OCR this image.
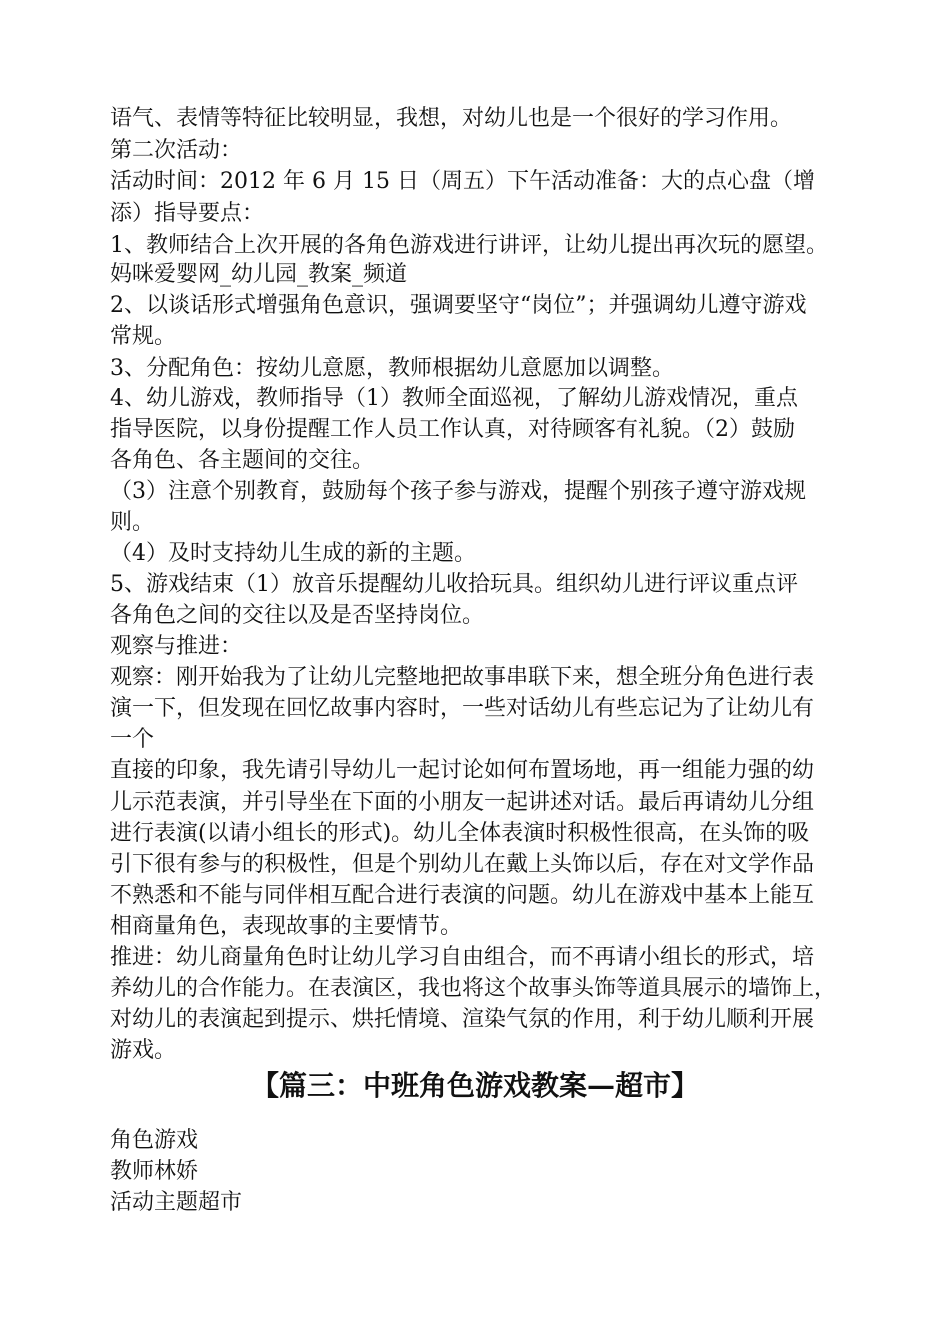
语气、表情等特征比较明显，我想，对幼儿也是一个很好的学习作用。

第二次活动：

活动时间：2012 年 6 月 15 日（周五）下午活动准备：大的点心盘（增

添）指导要点：

1、教师结合上次开展的各角色游戏进行讲评，让幼儿提出再次玩的愿望。

妈咪爱婴网_幼儿园_教案_频道

2、以谈话形式增强角色意识，强调要坚守“岗位”；并强调幼儿遵守游戏

常规。

3、分配角色：按幼儿意愿，教师根据幼儿意愿加以调整。

4、幼儿游戏，教师指导（1）教师全面巡视，了解幼儿游戏情况，重点

指导医院，以身份提醒工作人员工作认真，对待顾客有礼貌。（2）鼓励

各角色、各主题间的交往。

（3）注意个别教育，鼓励每个孩子参与游戏，提醒个别孩子遵守游戏规

则。

（4）及时支持幼儿生成的新的主题。

5、游戏结束（1）放音乐提醒幼儿收拾玩具。组织幼儿进行评议重点评

各角色之间的交往以及是否坚持岗位。

观察与推进：

观察：刚开始我为了让幼儿完整地把故事串联下来，想全班分角色进行表

演一下，但发现在回忆故事内容时，一些对话幼儿有些忘记为了让幼儿有

一个

直接的印象，我先请引导幼儿一起讨论如何布置场地，再一组能力强的幼

儿示范表演，并引导坐在下面的小朋友一起讲述对话。最后再请幼儿分组

进行表演(以请小组长的形式)。幼儿全体表演时积极性很高，在头饰的吸

引下很有参与的积极性，但是个别幼儿在戴上头饰以后，存在对文学作品

不熟悉和不能与同伴相互配合进行表演的问题。幼儿在游戏中基本上能互

相商量角色，表现故事的主要情节。

推进：幼儿商量角色时让幼儿学习自由组合，而不再请小组长的形式，培

养幼儿的合作能力。在表演区，我也将这个故事头饰等道具展示的墙饰上，

对幼儿的表演起到提示、烘托情境、渲染气氛的作用，利于幼儿顺利开展

游戏。

【篇三：中班角色游戏教案—超市】

角色游戏

教师林娇

活动主题超市
